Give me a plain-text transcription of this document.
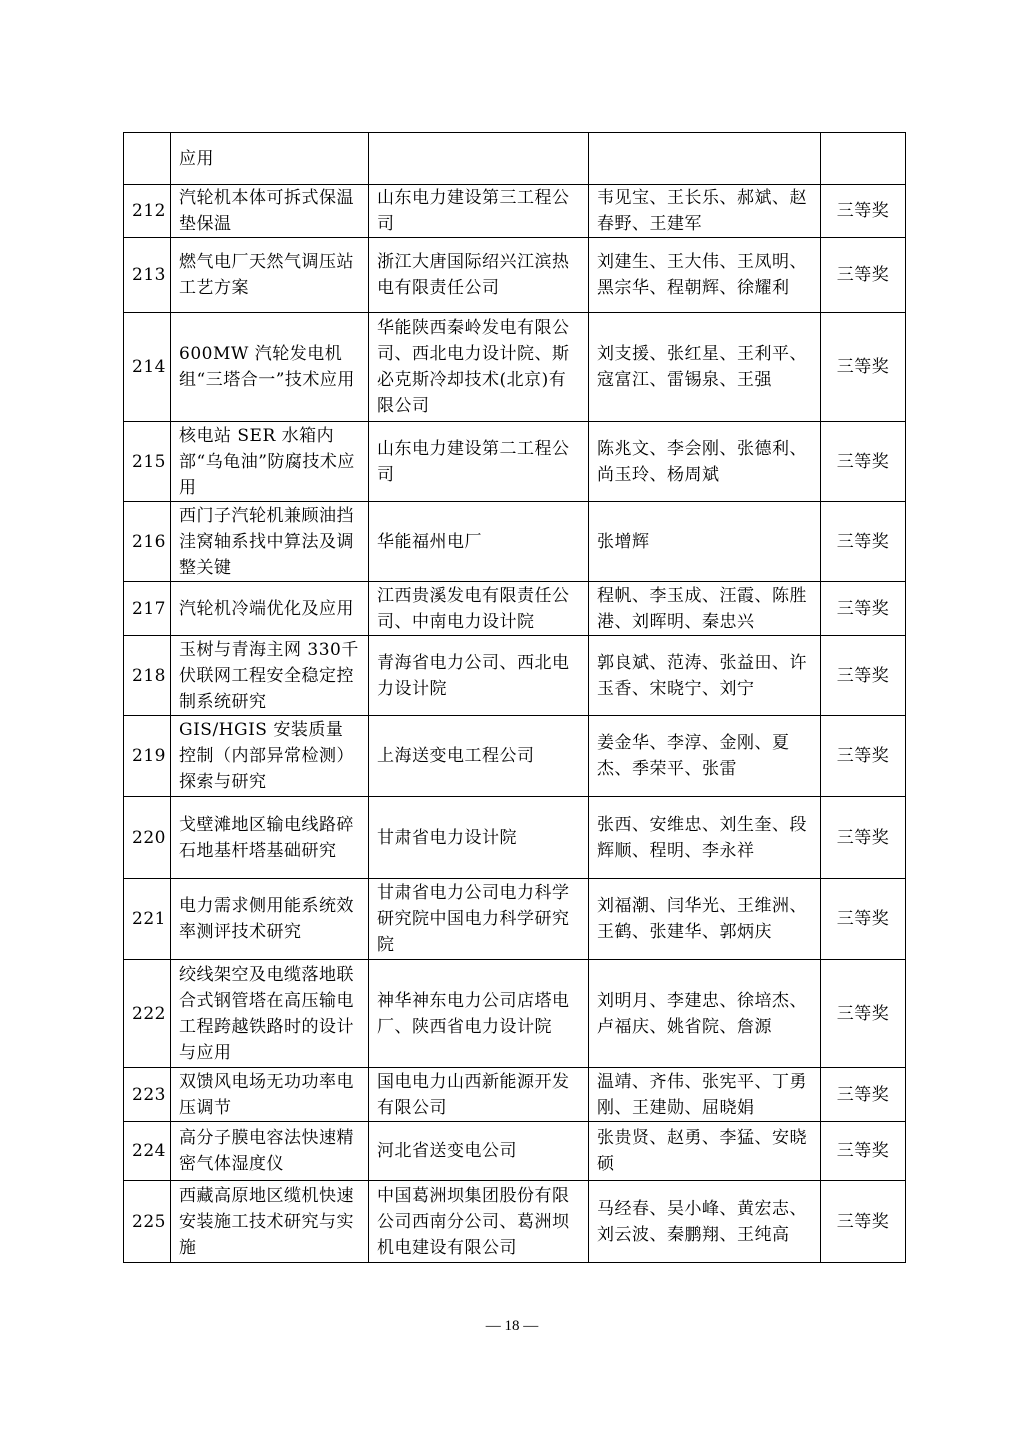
	应用			
212	汽轮机本体可拆式保温垫保温	山东电力建设第三工程公司	韦见宝、王长乐、郝斌、赵春野、王建军	三等奖
213	燃气电厂天然气调压站工艺方案	浙江大唐国际绍兴江滨热电有限责任公司	刘建生、王大伟、王凤明、黑宗华、程朝辉、徐耀利	三等奖
214	600MW 汽轮发电机组“三塔合一”技术应用	华能陕西秦岭发电有限公司、西北电力设计院、斯必克斯冷却技术(北京)有限公司	刘支援、张红星、王利平、寇富江、雷锡泉、王强	三等奖
215	核电站 SER 水箱内部“乌龟油”防腐技术应用	山东电力建设第二工程公司	陈兆文、李会刚、张德利、尚玉玲、杨周斌	三等奖
216	西门子汽轮机兼顾油挡洼窝轴系找中算法及调整关键	华能福州电厂	张增辉	三等奖
217	汽轮机冷端优化及应用	江西贵溪发电有限责任公司、中南电力设计院	程帆、李玉成、汪霞、陈胜港、刘晖明、秦忠兴	三等奖
218	玉树与青海主网 330千伏联网工程安全稳定控制系统研究	青海省电力公司、西北电力设计院	郭良斌、范涛、张益田、许玉香、宋晓宁、刘宁	三等奖
219	GIS/HGIS 安装质量控制（内部异常检测）探索与研究	上海送变电工程公司	姜金华、李淳、金刚、夏杰、季荣平、张雷	三等奖
220	戈壁滩地区输电线路碎石地基杆塔基础研究	甘肃省电力设计院	张西、安维忠、刘生奎、段辉顺、程明、李永祥	三等奖
221	电力需求侧用能系统效率测评技术研究	甘肃省电力公司电力科学研究院中国电力科学研究院	刘福潮、闫华光、王维洲、王鹤、张建华、郭炳庆	三等奖
222	绞线架空及电缆落地联合式钢管塔在高压输电工程跨越铁路时的设计与应用	神华神东电力公司店塔电厂、陕西省电力设计院	刘明月、李建忠、徐培杰、卢福庆、姚省院、詹源	三等奖
223	双馈风电场无功功率电压调节	国电电力山西新能源开发有限公司	温靖、齐伟、张宪平、丁勇刚、王建勋、屈晓娟	三等奖
224	高分子膜电容法快速精密气体湿度仪	河北省送变电公司	张贵贤、赵勇、李猛、安晓硕	三等奖
225	西藏高原地区缆机快速安装施工技术研究与实施	中国葛洲坝集团股份有限公司西南分公司、葛洲坝机电建设有限公司	马经春、吴小峰、黄宏志、刘云波、秦鹏翔、王纯高	三等奖
— 18 —
